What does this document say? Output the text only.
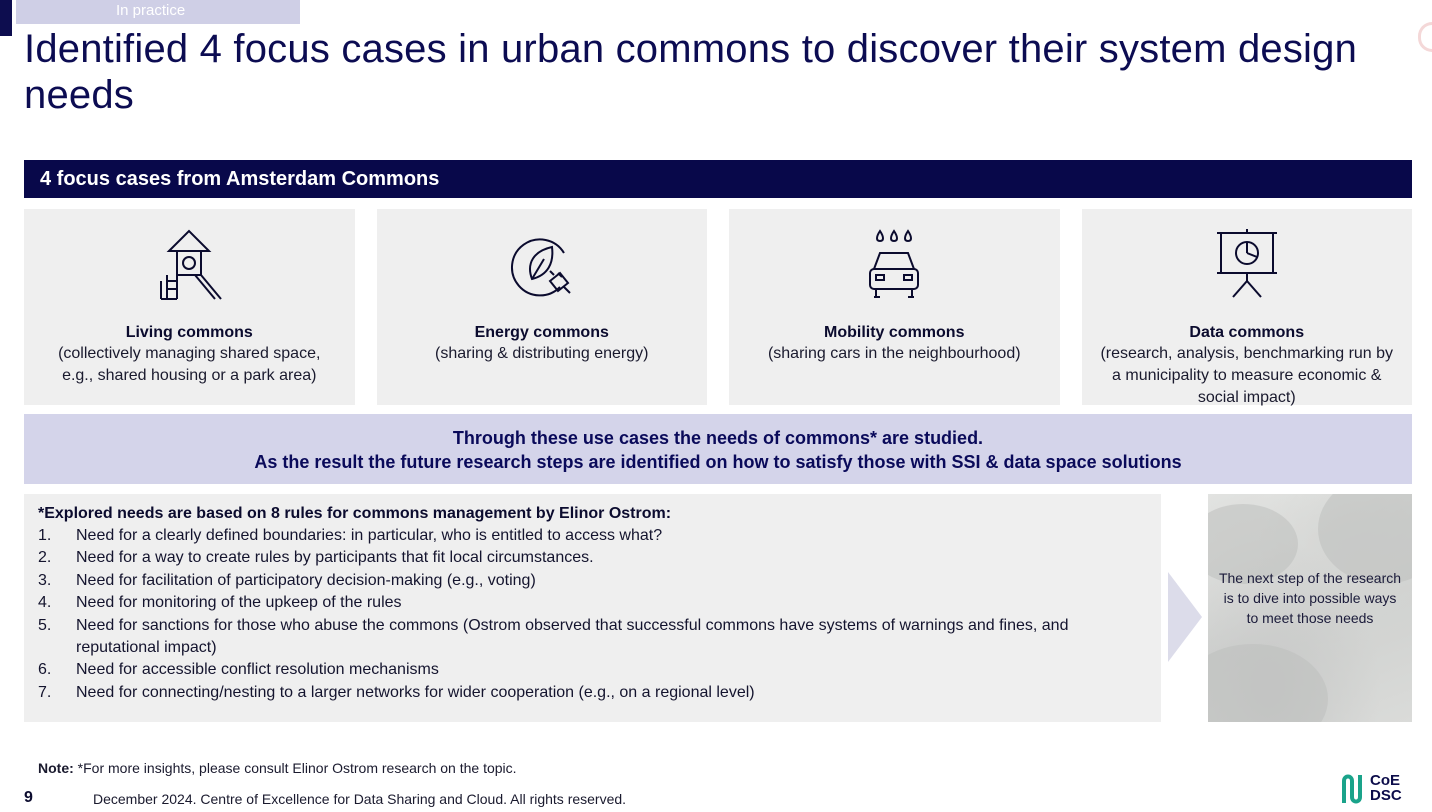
In practice
Identified 4 focus cases in urban commons to discover their system design needs
4 focus cases from Amsterdam Commons
Living commons
(collectively managing shared space, e.g., shared housing or a park area)
Energy commons
(sharing & distributing energy)
Mobility commons
(sharing cars in the neighbourhood)
Data commons
(research, analysis, benchmarking run by a municipality to measure economic & social impact)
Through these use cases the needs of commons* are studied.
As the result the future research steps are identified on how to satisfy those with SSI & data space solutions
*Explored needs are based on 8 rules for commons management by Elinor Ostrom:
1.	Need for a clearly defined boundaries: in particular, who is entitled to access what?
2.	Need for a way to create rules by participants that fit local circumstances.
3.	Need for facilitation of participatory decision-making (e.g., voting)
4.	Need for monitoring of the upkeep of the rules
5.	Need for sanctions for those who abuse the commons (Ostrom observed that successful commons have systems of warnings and fines, and reputational impact)
6.	Need for accessible conflict resolution mechanisms
7.	Need for connecting/nesting to a larger networks for wider cooperation (e.g., on a regional level)
The next step of the research is to dive into possible ways to meet those needs
Note: *For more insights, please consult Elinor Ostrom research on the topic.
9	December 2024. Centre of Excellence for Data Sharing and Cloud. All rights reserved.
CoE
DSC
